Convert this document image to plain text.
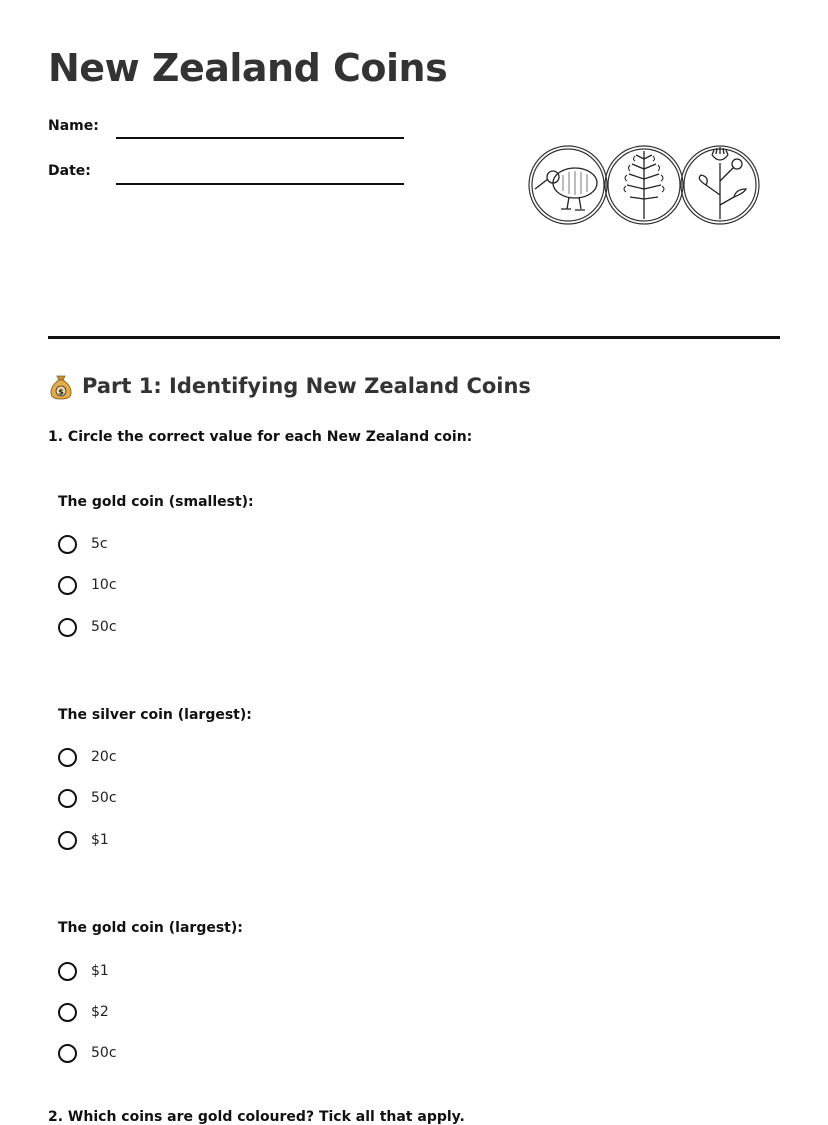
New Zealand Coins
Name:
Date:
$ Part 1: Identifying New Zealand Coins

1. Circle the correct value for each New Zealand coin:

The gold coin (smallest):

5c
10c
50c

The silver coin (largest):

20c
50c
$1

The gold coin (largest):

$1
$2
50c

2. Which coins are gold coloured? Tick all that apply.
